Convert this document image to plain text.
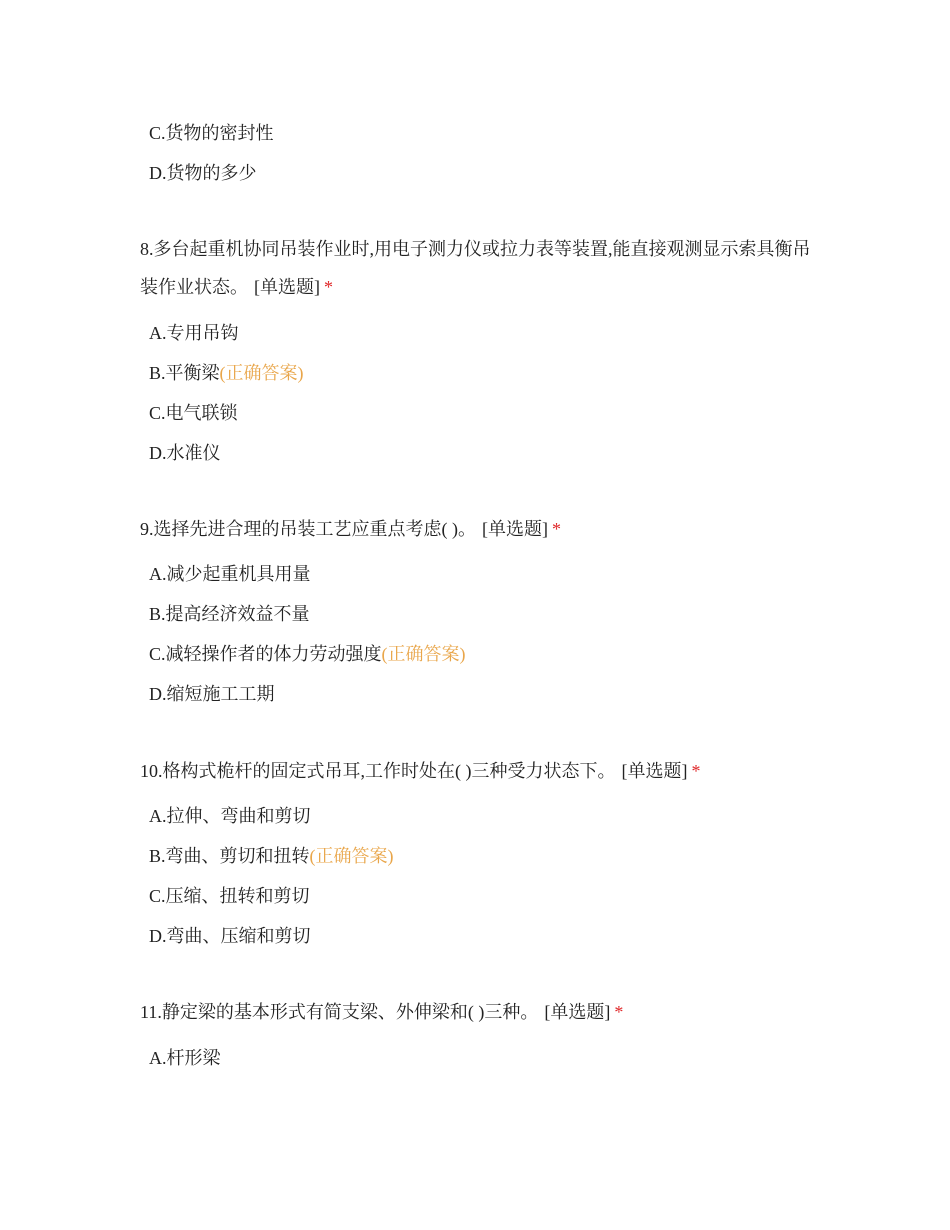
C.货物的密封性
D.货物的多少

8.多台起重机协同吊装作业时,用电子测力仪或拉力表等装置,能直接观测显示索具衡吊装作业状态。 [单选题] *

A.专用吊钩
B.平衡梁(正确答案)
C.电气联锁
D.水准仪

9.选择先进合理的吊装工艺应重点考虑( )。 [单选题] *

A.减少起重机具用量
B.提高经济效益不量
C.减轻操作者的体力劳动强度(正确答案)
D.缩短施工工期

10.格构式桅杆的固定式吊耳,工作时处在( )三种受力状态下。 [单选题] *

A.拉伸、弯曲和剪切
B.弯曲、剪切和扭转(正确答案)
C.压缩、扭转和剪切
D.弯曲、压缩和剪切

11.静定梁的基本形式有简支梁、外伸梁和( )三种。 [单选题] *

A.杆形梁
